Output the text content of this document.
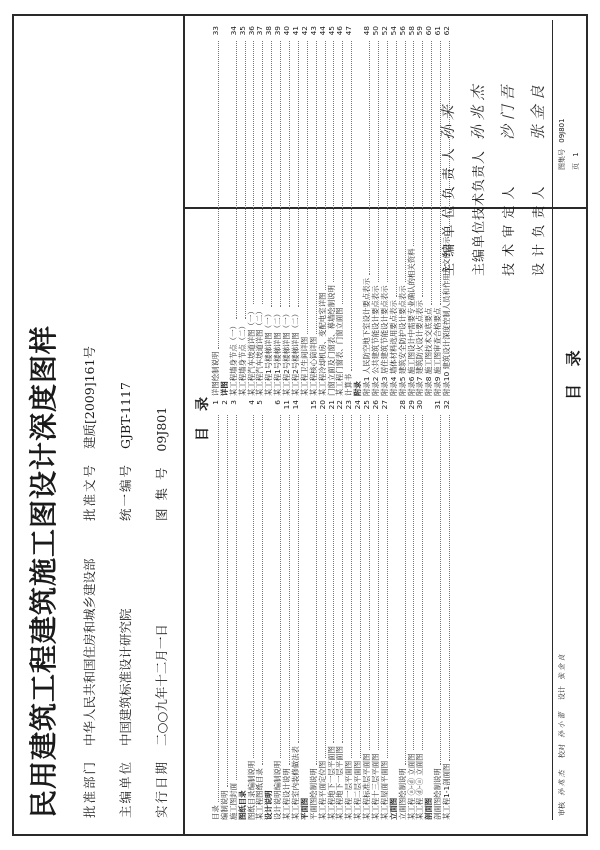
民用建筑工程建筑施工图设计深度图样 批准部门 中华人民共和国住房和城乡建设部
批准文号 建质[2009]161号
主编单位 中国建筑标准设计研究院
统一编号 GJBT-1117
实行日期 二○○九年十二月一日
图 集 号 09J801 目
录
目录
1
编制说明
2
施工图封面
3
图纸目录 图纸目录编制说明
4
某工程图纸目录
5
设计说明 设计说明编制说明
6
某工程设计说明
11
某工程室内装修做法表
14
平面图 平面图绘制说明
15
某工程平面定位图
20
某工程地下一层平面图
21
某工程地下一层平面图
22
某工程一层平面图
23
某工程二层平面图
24
某工程标准层平面图
25
某工程十三层平面图
26
某工程屋面平面图
27
立面图 立面图绘制说明
28
某工程 ⓐ-ⓓ 立面图
29
某工程 ⓓ-ⓐ 立面图
30
剖面图 剖面图绘制说明
31
某工程1-1剖面图
32
详图绘制说明
33
详图 某工程墙身节点（一）
34
某工程墙身节点（二）
35
某工程汽车坡道详图（一）
36
某工程汽车坡道详图（二）
37
某工程1号楼梯详图（一）
38
某工程1号楼梯详图（二）
39
某工程2号楼梯详图（一）
40
某工程2号楼梯详图（二）
41
某工程卫生间详图
42
某工程核心筒详图
43
某工程冷却机房、变配电室详图
44
门窗立面及门窗表、幕墙绘制说明
45
某工程门窗表、门窗立面图
46
计算书
47
附录 附录1 人民防空地下室设计要点表示
48
附录2 公共建筑节能设计要点表示
50
附录3 居住建筑节能设计要点表示
52
附录4 墙体材料选用要点表示
54
附录5 建筑安全防护设计要点表示
56
附录6 施工图设计中需要专业确认的相关资料
58
附录7 建筑防火设计要点表示
59
附录8 施工图技术交底要点
60
附录9 施工图审查合格要点
61
附录10 建筑设计深度控制人员和作用及文件表示
62
主 编 单 位 负 责 人
孙 来
主编单位技术负责人
孙 兆 杰
技 术 审 定 人
沙 门 吾
设 计 负 责 人
张 金 良
审核 孙 兆 杰 校对 孙 小 蕾 设计 张 金 良
目 录
图集号 09J801
页 1
